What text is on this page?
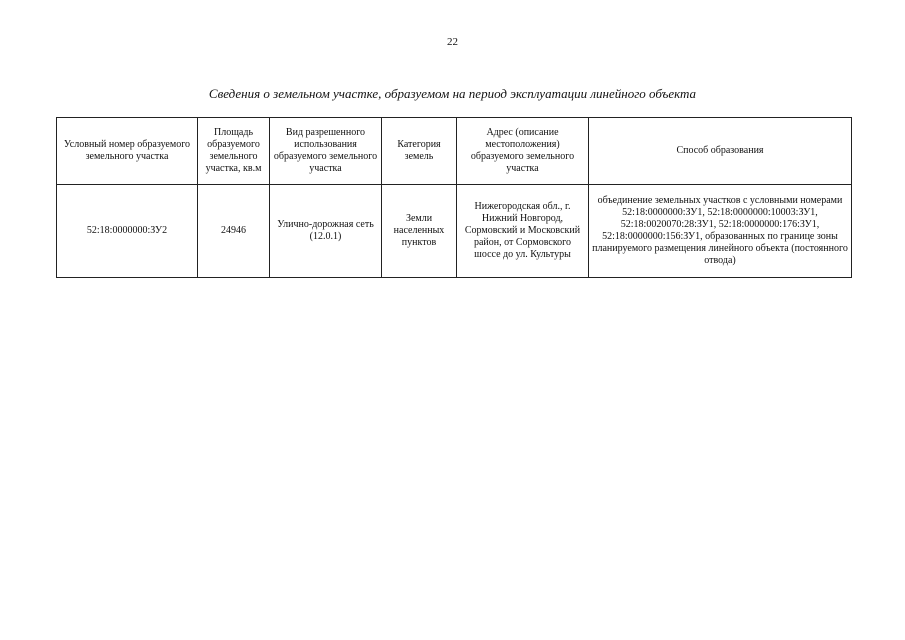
22
Сведения о земельном участке, образуемом на период эксплуатации линейного объекта
Условный номер образуемого земельного участка	Площадь образуемого земельного участка, кв.м	Вид разрешенного использования образуемого земельного участка	Категория земель	Адрес (описание местоположения) образуемого земельного участка	Способ образования
52:18:0000000:ЗУ2	24946	Улично-дорожная сеть (12.0.1)	Земли населенных пунктов	Нижегородская обл., г. Нижний Новгород, Сормовский и Московский район, от Сормовского шоссе до ул. Культуры	объединение земельных участков с условными номерами 52:18:0000000:ЗУ1, 52:18:0000000:10003:ЗУ1, 52:18:0020070:28:ЗУ1, 52:18:0000000:176:ЗУ1, 52:18:0000000:156:ЗУ1, образованных по границе зоны планируемого размещения линейного объекта (постоянного отвода)
